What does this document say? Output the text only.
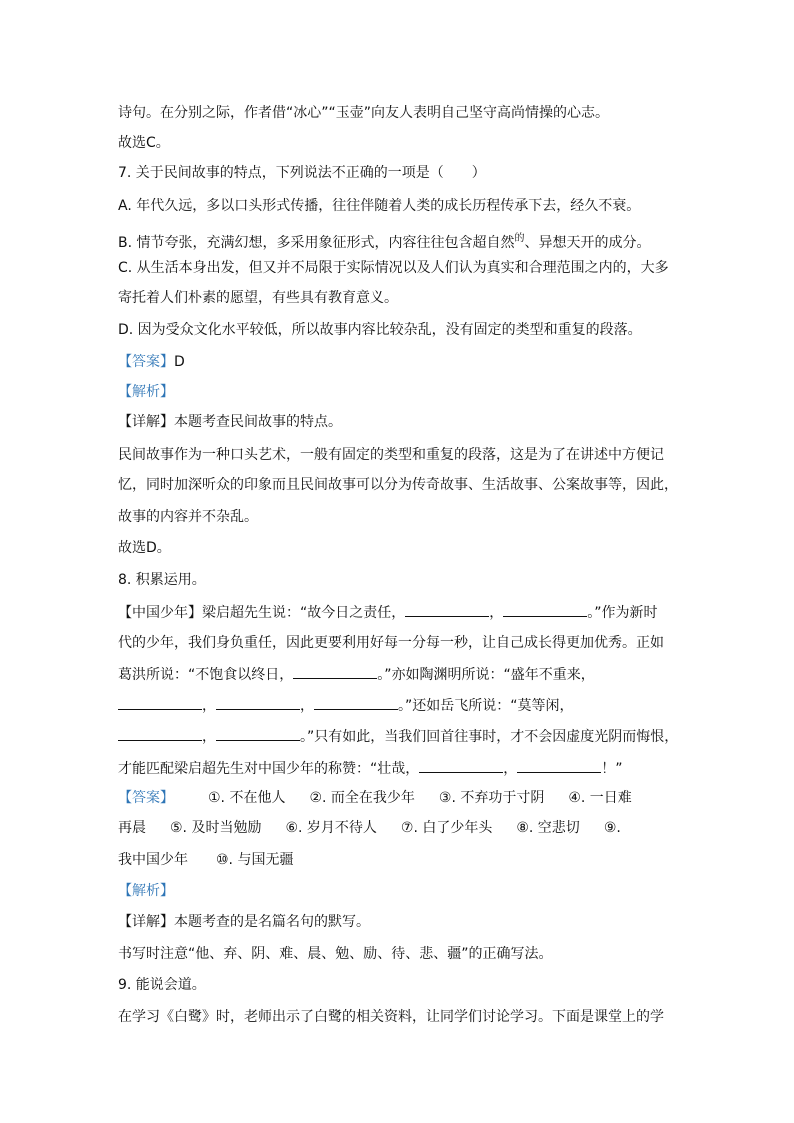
诗句。在分别之际，作者借“冰心”“玉壶”向友人表明自己坚守高尚情操的心志。
故选C。
7. 关于民间故事的特点，下列说法不正确的一项是（　　）
A. 年代久远，多以口头形式传播，往往伴随着人类的成长历程传承下去，经久不衰。
B. 情节夸张，充满幻想，多采用象征形式，内容往往包含超自然$^的$、异想天开的成分。
C. 从生活本身出发，但又并不局限于实际情况以及人们认为真实和合理范围之内的，大多
寄托着人们朴素的愿望，有些具有教育意义。
D. 因为受众文化水平较低，所以故事内容比较杂乱，没有固定的类型和重复的段落。
【答案】D
【解析】
【详解】本题考查民间故事的特点。
民间故事作为一种口头艺术，一般有固定的类型和重复的段落，这是为了在讲述中方便记
忆，同时加深听众的印象而且民间故事可以分为传奇故事、生活故事、公案故事等，因此，
故事的内容并不杂乱。
故选D。
8. 积累运用。
【中国少年】梁启超先生说：“故今日之责任，	，	。”作为新时
代的少年，我们身负重任，因此更要利用好每一分每一秒，让自己成长得更加优秀。正如
葛洪所说：“不饱食以终日，	。”亦如陶渊明所说：“盛年不重来，
，	，	。”还如岳飞所说：“莫等闲，
，	。”只有如此，当我们回首往事时，才不会因虚度光阴而悔恨，
才能匹配梁启超先生对中国少年的称赞：“壮哉，	，	！”
【答案】 ①. 不在他人 ②. 而全在我少年 ③. 不弃功于寸阴 ④. 一日难
再晨 ⑤. 及时当勉励 ⑥. 岁月不待人 ⑦. 白了少年头 ⑧. 空悲切 ⑨.
我中国少年 ⑩. 与国无疆
【解析】
【详解】本题考查的是名篇名句的默写。
书写时注意“他、弃、阴、难、晨、勉、励、待、悲、疆”的正确写法。
9. 能说会道。
在学习《白鹭》时，老师出示了白鹭的相关资料，让同学们讨论学习。下面是课堂上的学
